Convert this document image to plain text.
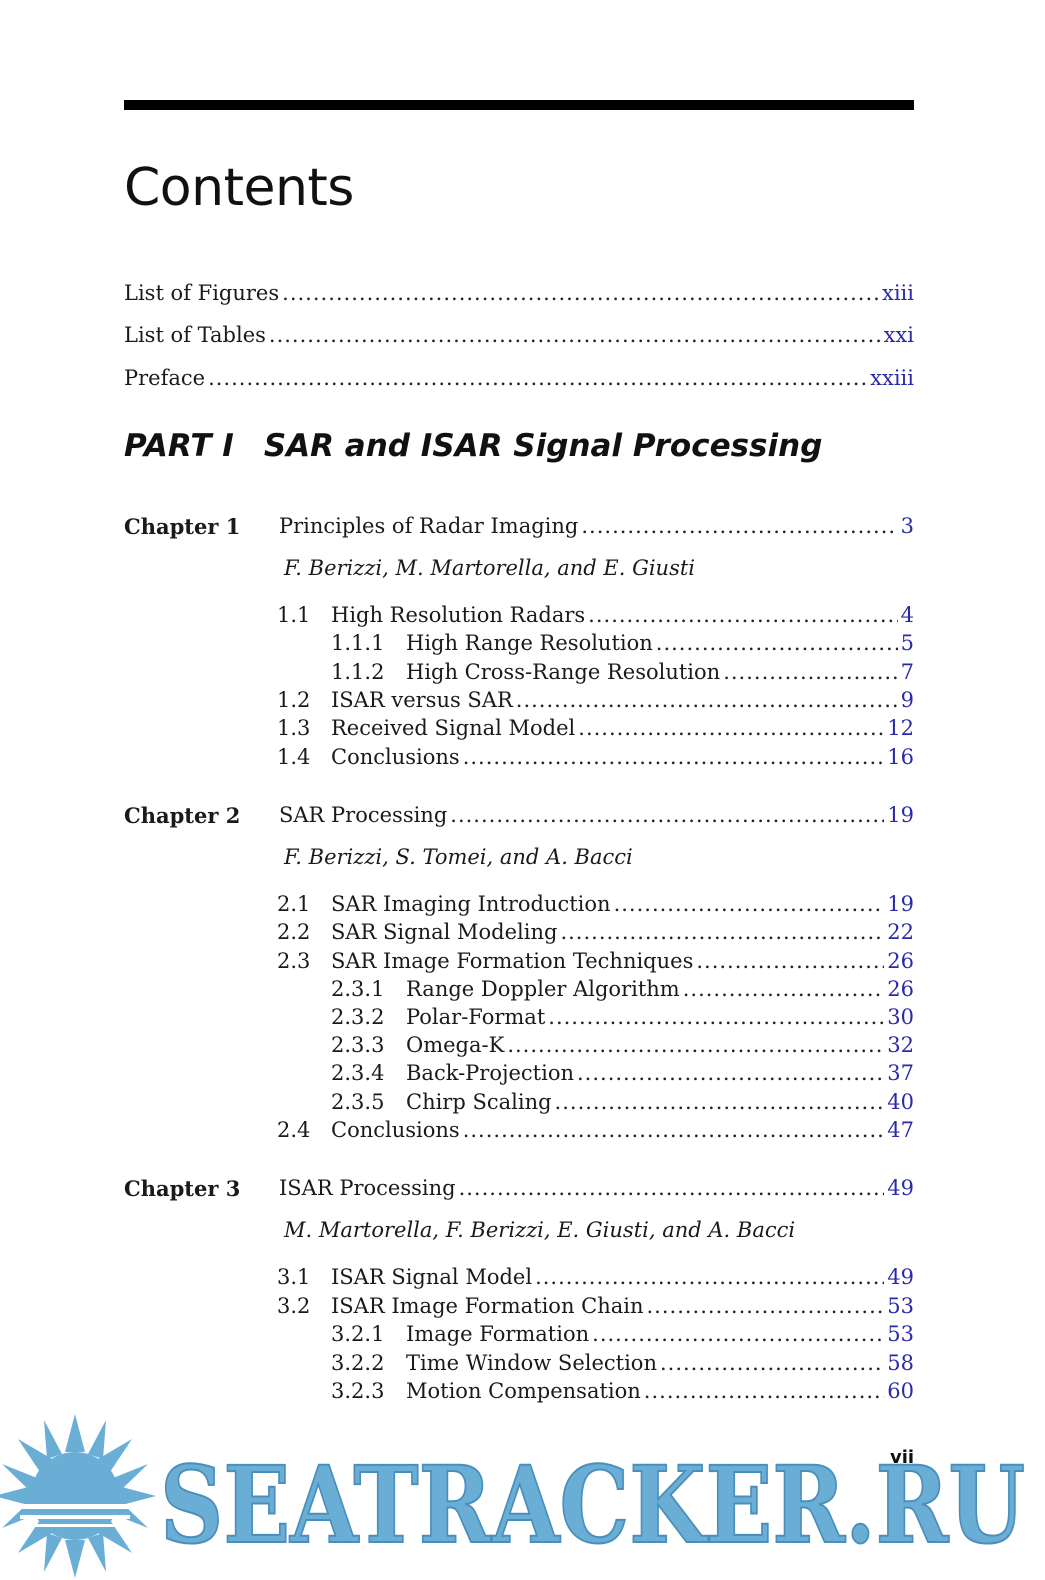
Contents
List of Figures .....	xiii
List of Tables .....	xxi
Preface .....	xxiii
PART I SAR and ISAR Signal Processing
Chapter 1 Principles of Radar Imaging .....	3
F. Berizzi, M. Martorella, and E. Giusti
1.1 High Resolution Radars .....	4
1.1.1	High Range Resolution .....	5
1.1.2	High Cross-Range Resolution .....	7
1.2 ISAR versus SAR .....	9
1.3 Received Signal Model .....	12
1.4 Conclusions .....	16
Chapter 2 SAR Processing .....	19
F. Berizzi, S. Tomei, and A. Bacci
2.1 SAR Imaging Introduction .....	19
2.2 SAR Signal Modeling .....	22
2.3 SAR Image Formation Techniques .....	26
2.3.1	Range Doppler Algorithm .....	26
2.3.2	Polar-Format .....	30
2.3.3	Omega-K .....	32
2.3.4	Back-Projection .....	37
2.3.5	Chirp Scaling .....	40
2.4 Conclusions .....	47
Chapter 3 ISAR Processing .....	49
M. Martorella, F. Berizzi, E. Giusti, and A. Bacci
3.1 ISAR Signal Model .....	49
3.2 ISAR Image Formation Chain .....	53
3.2.1	Image Formation .....	53
3.2.2	Time Window Selection .....	58
3.2.3	Motion Compensation .....	60
SEATRACKER.RU
vii
